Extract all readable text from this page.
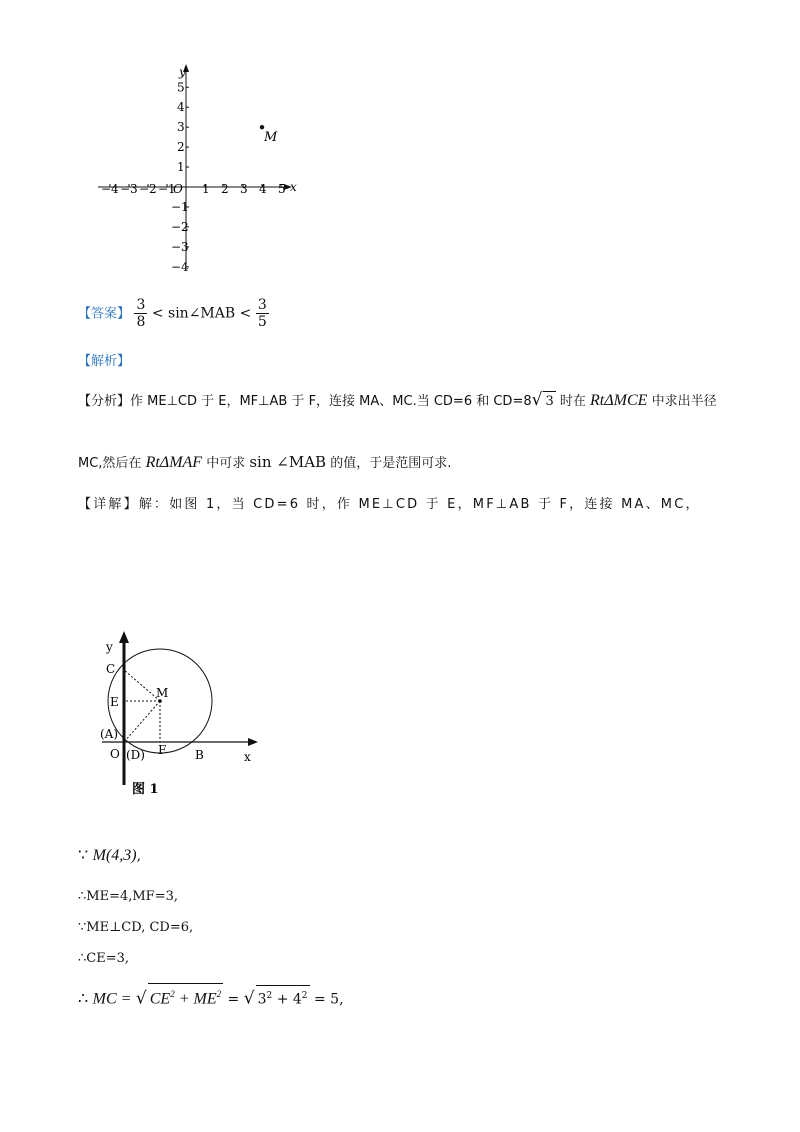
−4 −3 −2 −1 1 2 3 4 5
5
4
3
2
1
−1
−2
−3
−4
y
x
O
M
【答案】 $\frac{3}{8}$ < sin∠MAB < $\frac{3}{5}$
【解析】
【分析】作 ME⊥CD 于 E，MF⊥AB 于 F，连接 MA、MC.当 CD=6 和 CD=8√ 3 时在 RtΔMCE 中求出半径
MC,然后在 RtΔMAF 中可求 sin ∠MAB 的值，于是范围可求.
【详解】解：如图 1，当 CD=6 时，作 ME⊥CD 于 E，MF⊥AB 于 F，连接 MA、MC，
y
x
C
E
M
(A)
O (D) F B
图 1
∵ M(4,3),
∴ME=4,MF=3,
∵ME⊥CD, CD=6,
∴CE=3,
∴ MC = √ $CE^2 + ME^2$ = √ $3^2 + 4^2 = 5$,
